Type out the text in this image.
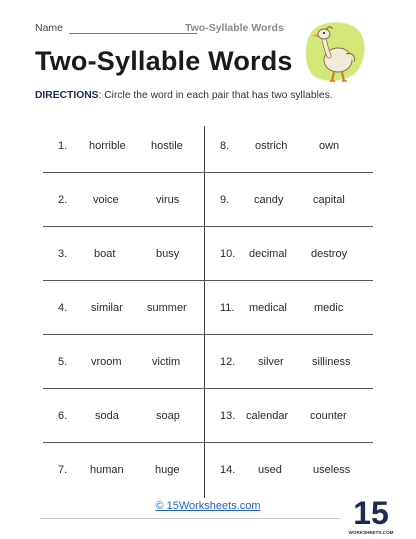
Name	Two-Syllable Words
Two-Syllable Words
DIRECTIONS: Circle the word in each pair that has two syllables.
1. horrible hostile
2. voice	virus
3. boat	busy
4. similar summer
5. vroom	victim
6.	soda	soap
7. human	huge
8. ostrich	own
9. candy	capital
10. decimal destroy
11. medical medic
12. silver	silliness
13. calendar counter
14. used	useless
© 15Worksheets.com	15
WORKSHEETS.COM
